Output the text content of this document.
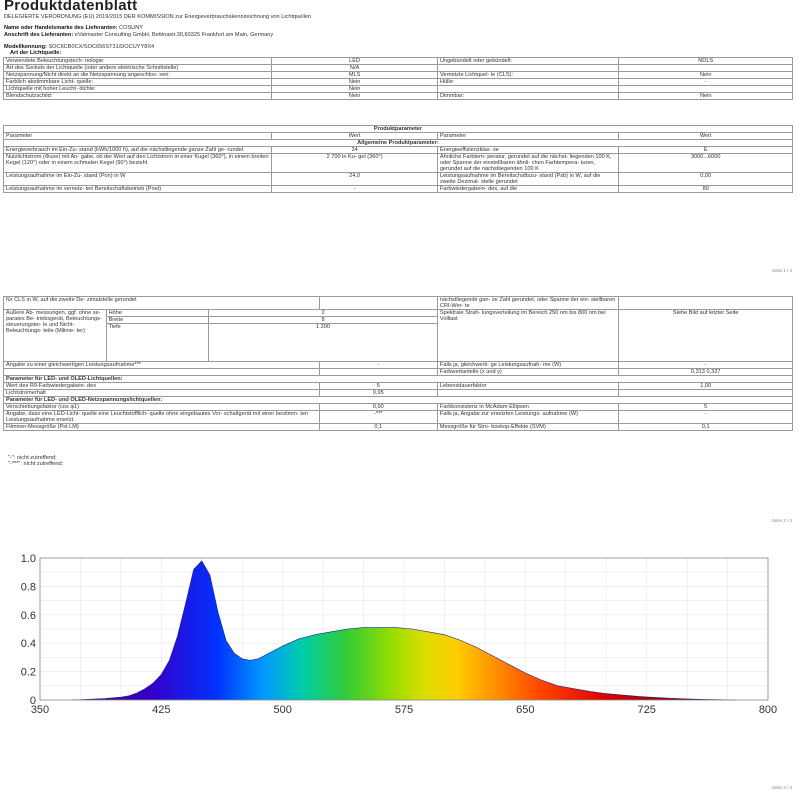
Produktdatenblatt
DELEGIERTE VERORDNUNG (EU) 2019/2015 DER KOMMISSION zur Energieverbrauchskennzeichnung von Lichtquellen
Name oder Handelsmarke des Lieferanten: COSUNY
Anschrift des Lieferanten: eVatmaster Consulting GmbH, Bettinastr.30,60325 Frankfurt am Main, Germany
Modellkennung: SOC6CB0CX/SOC656ST31/DOCUYY8X4
Art der Lichtquelle:
Verwendete Beleuchtungstech- nologie:	LED	Ungebündelt oder gebündelt:	NDLS
Art des Sockels der Lichtquelle (oder andere elektrische Schnittstelle)	N/A		
Netzspannung/Nicht direkt an die Netzspannung angeschlos- sen:	MLS	Vernetzte Lichtquel- le (CLS):	Nein
Farblich abstimmbare Licht- quelle:	Nein	Hülle:	-
Lichtquelle mit hoher Leucht- dichte:	Nein		
Blendschutzschild:	Nein	Dimmbar:	Nein
Produktparameter			
Parameter	Wert	Parameter	Wert
Allgemeine Produktparameter:			
Energieverbrauch im Ein-Zu- stand (kWh/1000 h), auf die nächstliegende ganze Zahl ge- rundet	24	Energieeffizienzklas- se	E
Nutzlichtstrom (Φuse) mit An- gabe, ob der Wert auf den Lichtstrom in einer Kugel (360°), in einem breiten Kegel (120°) oder in einem schmalen Kegel (90°) bezieht	2 700 in Ku- gel (360°)	Ähnliche Farbtem- peratur, gerundet auf die nächst- liegenden 100 K, oder Spanne der einstellbaren ähnli- chen Farbtempera- turen, gerundet auf die nächstliegenden 100 K	3000...6000
Leistungsaufnahme im Ein-Zu- stand (Pon) in W	24,0	Leistungsaufnahme im Bereitschaftszu- stand (Psb) in W, auf die zweite Dezimal- stelle gerundet	0,00
Leistungsaufnahme im vernetz- ten Bereitschaftsbetrieb (Pnet)	-	Farbwiedergabein- dex, auf die	80
Seite 1 / 3
für CLS in W, auf die zweite De- zimalstelle gerundet				nächstliegende gan- ze Zahl gerundet, oder Spanne der ein- stellbaren CRI-Wer- te	
Äußere Ab- messungen, ggf. ohne se- parates Be- triebsgerät, Beleuchtungs- steuerungstei- le und Nicht- Beleuchtungs- teile (Milime- ter)	Höhe	2		Spektrale Strah- lungsverteilung im Bereich 250 nm bis 800 nm bei Volllast	Siehe Bild auf letzter Seite
	Breite	8			
	Tiefe	1 200			
Angabe zu einer gleichwertigen Leistungsaufnahme***			-	Falls ja, gleichwerti- ge Leistungsaufnah- me (W)	-
				Farbwertanteile (x und y)	0,313 0,337
Parameter für LED- und OLED-Lichtquellen:					
Wert des R9-Farbwiedergabein- dex			5	Lebensdauerfaktor	1,00
Lichtstromerhalt			0,95		
Parameter für LED- und OLED-Netzspannungslichtquellen:					
Verschiebungsfaktor (cos φ1)			0,90	Farbkonsistenz in McAdam-Ellipsen	5
Angabe, dass eine LED-Licht- quelle eine Leuchtstofflich- quelle ohne eingebautes Vor- schaltgerät mit einer bestimm- ten Leistungsaufnahme ersetzt.			-***	Falls ja, Angabe zur ersetzten Leistungs- aufnahme (W)	-
Flimmer-Messgröße (Pst LM)			0,1	Messgröße für Stro- boskop-Effekte (SVM)	0,1
"-": nicht zutreffend;
"-***": nicht zutreffend;
Seite 2 / 3
350	425	500	575	650	725	800
0
0.2
0.4
0.6
0.8
1.0
Seite 3 / 3
